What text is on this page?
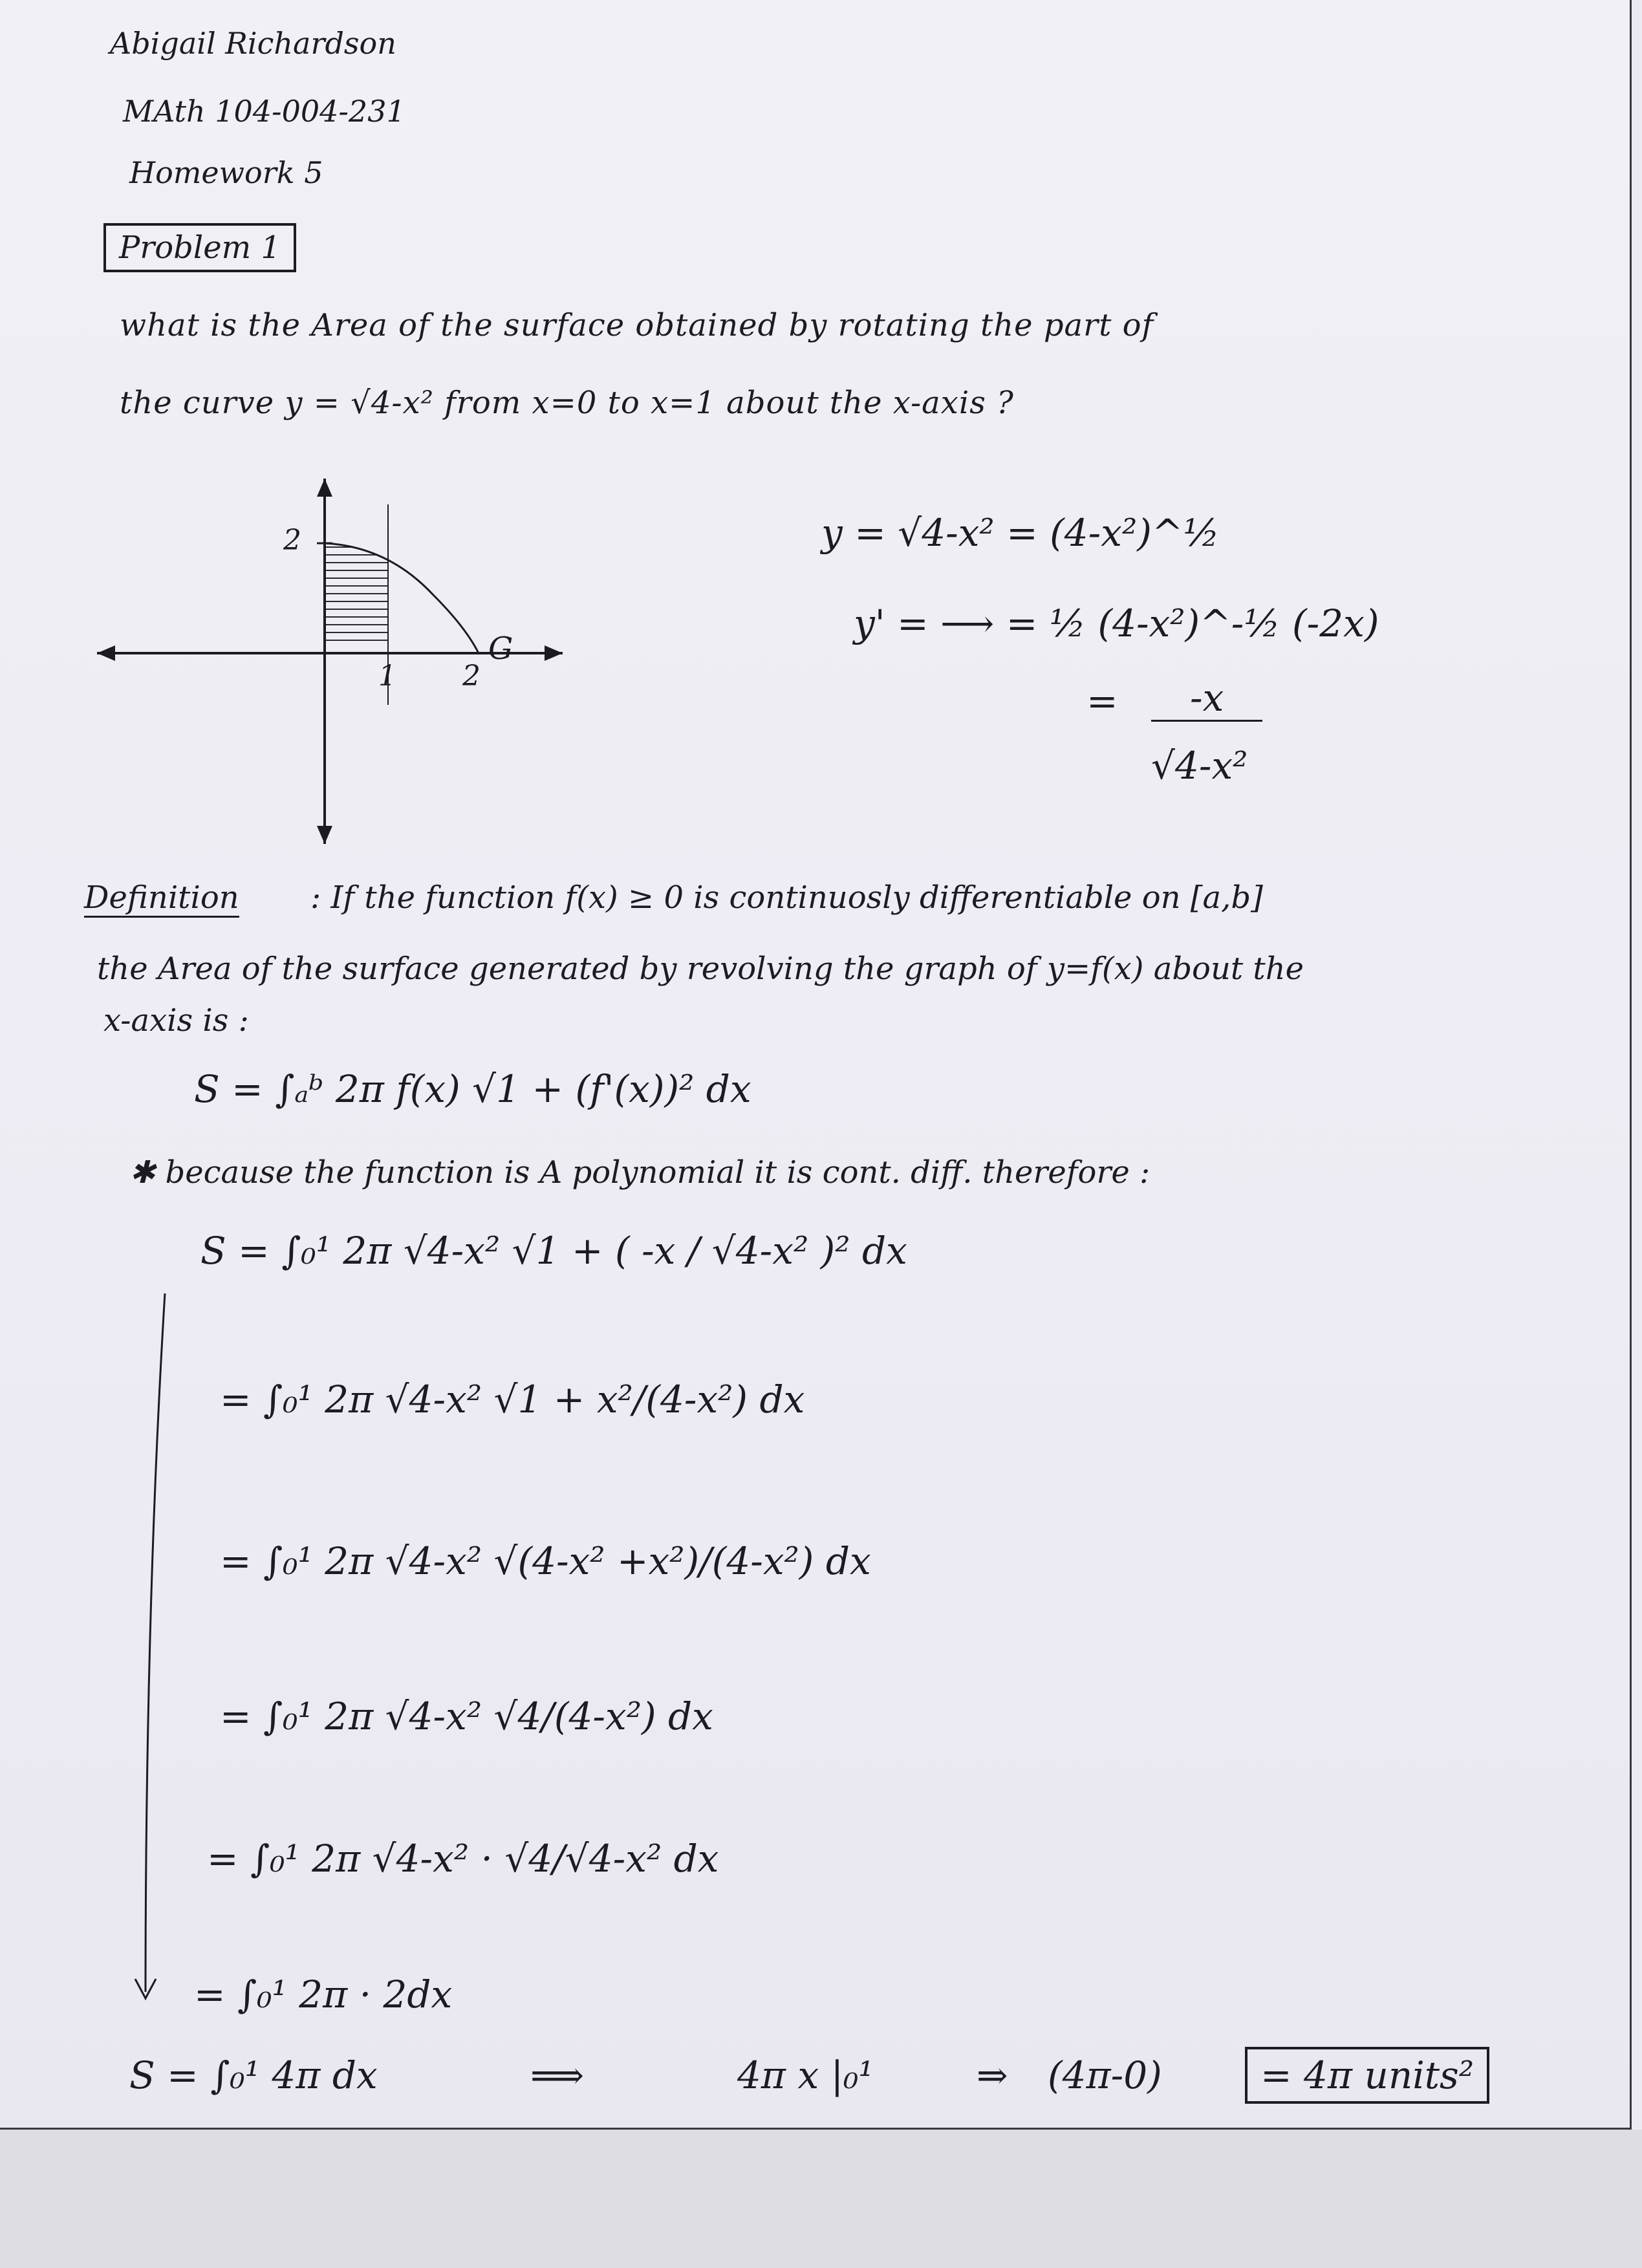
Abigail Richardson
MAth 104-004-231
Homework 5
Problem 1
what is the Area of the surface obtained by rotating the part of
the curve y = √4-x² from x=0 to x=1 about the x-axis ?
2
1 2
G
y = √4-x² = (4-x²)^½
y' = ⟶ = ½ (4-x²)^-½ (-2x)
=	-x
√4-x²
Definition : If the function f(x) ≥ 0 is continuosly differentiable on [a,b]
the Area of the surface generated by revolving the graph of y=f(x) about the
x-axis is :
S = ∫ₐᵇ 2π f(x) √1 + (f'(x))² dx
✱ because the function is A polynomial it is cont. diff. therefore :
S = ∫₀¹ 2π √4-x² √1 + ( -x / √4-x² )² dx
= ∫₀¹ 2π √4-x² √1 + x²/(4-x²) dx
= ∫₀¹ 2π √4-x² √(4-x² +x²)/(4-x²) dx
= ∫₀¹ 2π √4-x² √4/(4-x²) dx
= ∫₀¹ 2π √4-x² · √4/√4-x² dx
= ∫₀¹ 2π · 2dx
S = ∫₀¹ 4π dx	⟹	4π x |₀¹	⇒ (4π-0)	= 4π units²
